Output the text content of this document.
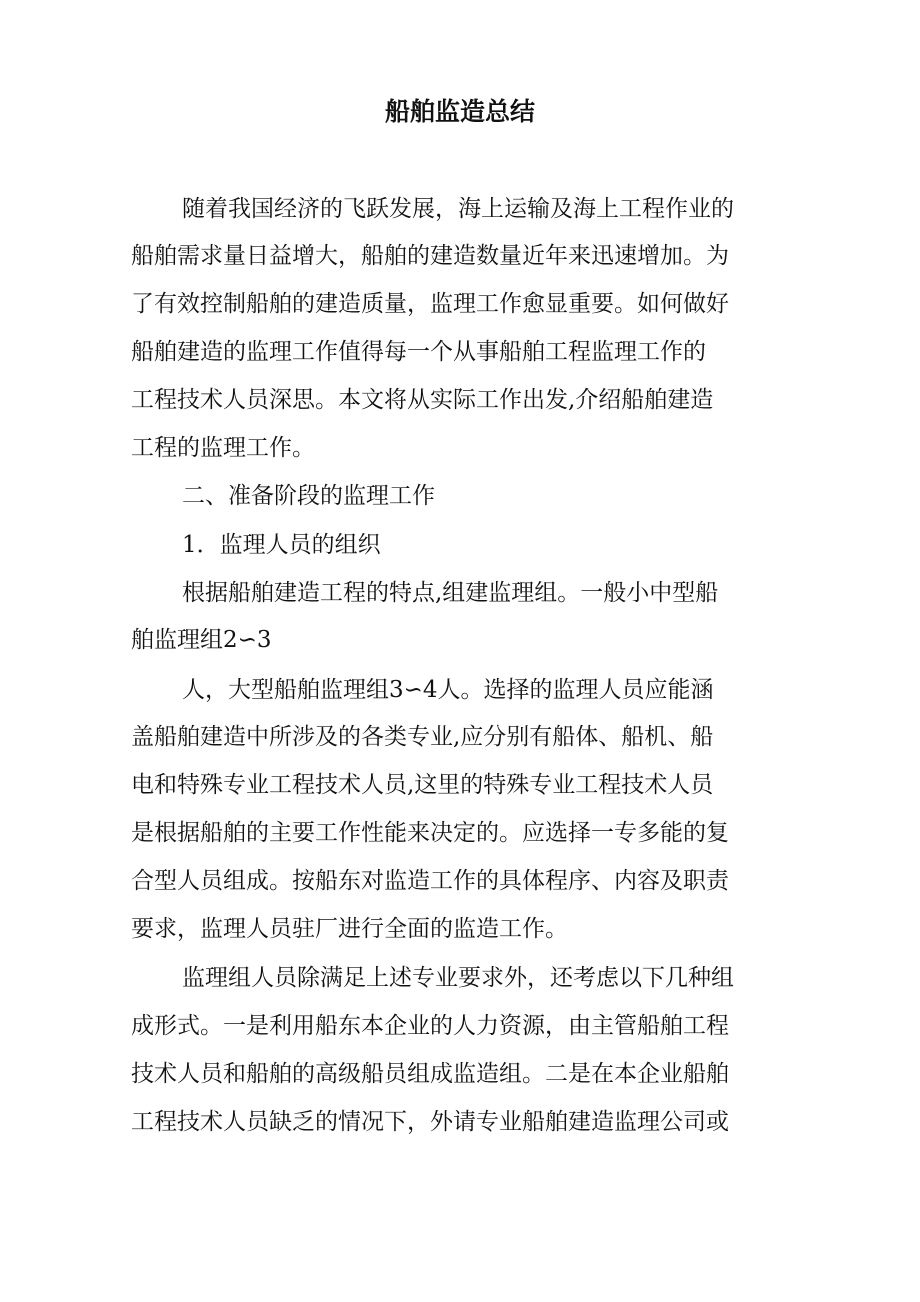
船舶监造总结

随着我国经济的飞跃发展，海上运输及海上工程作业的

船舶需求量日益增大，船舶的建造数量近年来迅速增加。为

了有效控制船舶的建造质量，监理工作愈显重要。如何做好

船舶建造的监理工作值得每一个从事船舶工程监理工作的

工程技术人员深思。本文将从实际工作出发,介绍船舶建造

工程的监理工作。

二、准备阶段的监理工作

1．监理人员的组织

根据船舶建造工程的特点,组建监理组。一般小中型船

舶监理组2∽3

人，大型船舶监理组3∽4人。选择的监理人员应能涵

盖船舶建造中所涉及的各类专业,应分别有船体、船机、船

电和特殊专业工程技术人员,这里的特殊专业工程技术人员

是根据船舶的主要工作性能来决定的。应选择一专多能的复

合型人员组成。按船东对监造工作的具体程序、内容及职责

要求，监理人员驻厂进行全面的监造工作。

监理组人员除满足上述专业要求外，还考虑以下几种组

成形式。一是利用船东本企业的人力资源，由主管船舶工程

技术人员和船舶的高级船员组成监造组。二是在本企业船舶

工程技术人员缺乏的情况下，外请专业船舶建造监理公司或
